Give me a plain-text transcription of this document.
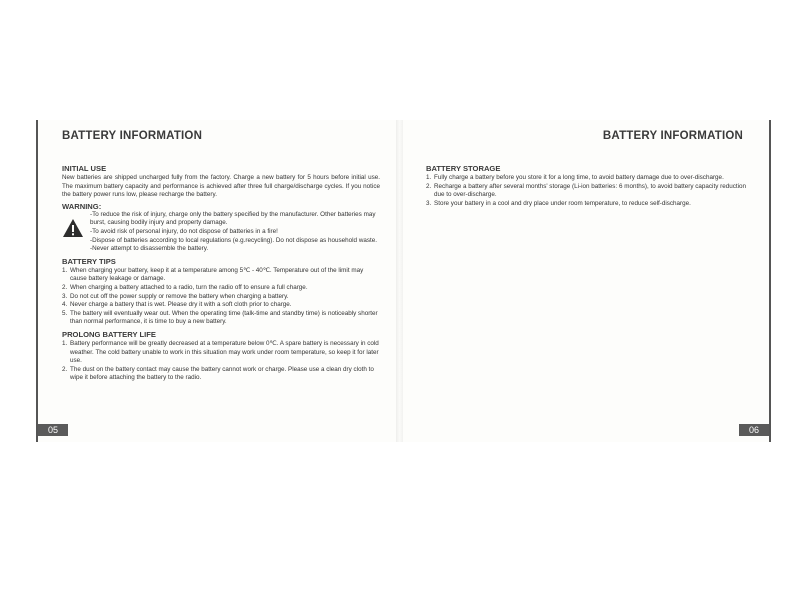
BATTERY INFORMATION

INITIAL USE

New batteries are shipped uncharged fully from the factory. Charge a new battery for 5 hours before initial use. The maximum battery capacity and performance is achieved after three full charge/discharge cycles. If you notice the battery power runs low, please recharge the battery.

WARNING:

-To reduce the risk of injury, charge only the battery specified by the manufacturer. Other batteries may burst, causing bodily injury and property damage.
-To avoid risk of personal injury, do not dispose of batteries in a fire!
-Dispose of batteries according to local regulations (e.g.recycling). Do not dispose as household waste.
-Never attempt to disassemble the battery.

BATTERY TIPS

1. When charging your battery, keep it at a temperature among 5℃ - 40℃. Temperature out of the limit may cause battery leakage or damage.
2. When charging a battery attached to a radio, turn the radio off to ensure a full charge.
3. Do not cut off the power supply or remove the battery when charging a battery.
4. Never charge a battery that is wet. Please dry it with a soft cloth prior to charge.
5. The battery will eventually wear out. When the operating time (talk-time and standby time) is noticeably shorter than normal performance, it is time to buy a new battery.

PROLONG BATTERY LIFE

1. Battery performance will be greatly decreased at a temperature below 0℃. A spare battery is necessary in cold weather. The cold battery unable to work in this situation may work under room temperature, so keep it for later use.
2. The dust on the battery contact may cause the battery cannot work or charge. Please use a clean dry cloth to wipe it before attaching the battery to the radio.
05
BATTERY INFORMATION

BATTERY STORAGE

1. Fully charge a battery before you store it for a long time, to avoid battery damage due to over-discharge.
2. Recharge a battery after several months' storage (Li-ion batteries: 6 months), to avoid battery capacity reduction due to over-discharge.
3. Store your battery in a cool and dry place under room temperature, to reduce self-discharge.
06
